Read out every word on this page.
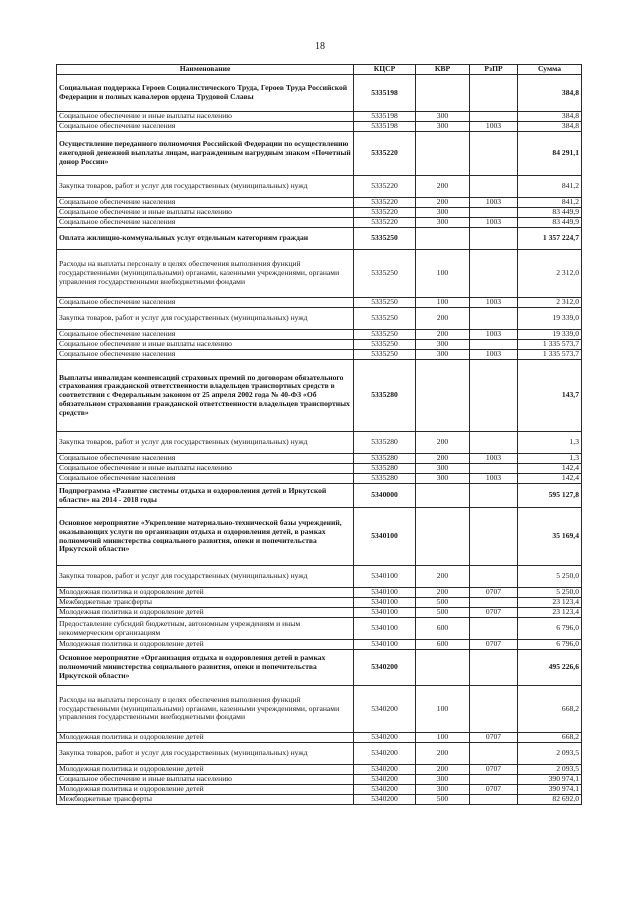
18
Наименование	КЦСР	КВР	РзПР	Сумма
Социальная поддержка Героев Социалистического Труда, Героев Труда Российской Федерации и полных кавалеров ордена Трудовой Славы	5335198			384,8
Социальное обеспечение и иные выплаты населению	5335198	300		384,8
Социальное обеспечение населения	5335198	300	1003	384,8
Осуществление переданного полномочия Российской Федерации по осуществлению ежегодной денежной выплаты лицам, награжденным нагрудным знаком «Почетный донор России»	5335220			84 291,1
Закупка товаров, работ и услуг для государственных (муниципальных) нужд	5335220	200		841,2
Социальное обеспечение населения	5335220	200	1003	841,2
Социальное обеспечение и иные выплаты населению	5335220	300		83 449,9
Социальное обеспечение населения	5335220	300	1003	83 449,9
Оплата жилищно-коммунальных услуг отдельным категориям граждан	5335250			1 357 224,7
Расходы на выплаты персоналу в целях обеспечения выполнения функций государственными (муниципальными) органами, казенными учреждениями, органами управления государственными внебюджетными фондами	5335250	100		2 312,0
Социальное обеспечение населения	5335250	100	1003	2 312,0
Закупка товаров, работ и услуг для государственных (муниципальных) нужд	5335250	200		19 339,0
Социальное обеспечение населения	5335250	200	1003	19 339,0
Социальное обеспечение и иные выплаты населению	5335250	300		1 335 573,7
Социальное обеспечение населения	5335250	300	1003	1 335 573,7
Выплаты инвалидам компенсаций страховых премий по договорам обязательного страхования гражданской ответственности владельцев транспортных средств в соответствии с Федеральным законом от 25 апреля 2002 года № 40-ФЗ «Об обязательном страховании гражданской ответственности владельцев транспортных средств»	5335280			143,7
Закупка товаров, работ и услуг для государственных (муниципальных) нужд	5335280	200		1,3
Социальное обеспечение населения	5335280	200	1003	1,3
Социальное обеспечение и иные выплаты населению	5335280	300		142,4
Социальное обеспечение населения	5335280	300	1003	142,4
Подпрограмма «Развитие системы отдыха и оздоровления детей в Иркутской области» на 2014 - 2018 годы	5340000			595 127,8
Основное мероприятие «Укрепление материально-технической базы учреждений, оказывающих услуги по организации отдыха и оздоровления детей, в рамках полномочий министерства социального развития, опеки и попечительства Иркутской области»	5340100			35 169,4
Закупка товаров, работ и услуг для государственных (муниципальных) нужд	5340100	200		5 250,0
Молодежная политика и оздоровление детей	5340100	200	0707	5 250,0
Межбюджетные трансферты	5340100	500		23 123,4
Молодежная политика и оздоровление детей	5340100	500	0707	23 123,4
Предоставление субсидий бюджетным, автономным учреждениям и иным некоммерческим организациям	5340100	600		6 796,0
Молодежная политика и оздоровление детей	5340100	600	0707	6 796,0
Основное мероприятие «Организация отдыха и оздоровления детей в рамках полномочий министерства социального развития, опеки и попечительства Иркутской области»	5340200			495 226,6
Расходы на выплаты персоналу в целях обеспечения выполнения функций государственными (муниципальными) органами, казенными учреждениями, органами управления государственными внебюджетными фондами	5340200	100		668,2
Молодежная политика и оздоровление детей	5340200	100	0707	668,2
Закупка товаров, работ и услуг для государственных (муниципальных) нужд	5340200	200		2 093,5
Молодежная политика и оздоровление детей	5340200	200	0707	2 093,5
Социальное обеспечение и иные выплаты населению	5340200	300		390 974,1
Молодежная политика и оздоровление детей	5340200	300	0707	390 974,1
Межбюджетные трансферты	5340200	500		82 692,0
